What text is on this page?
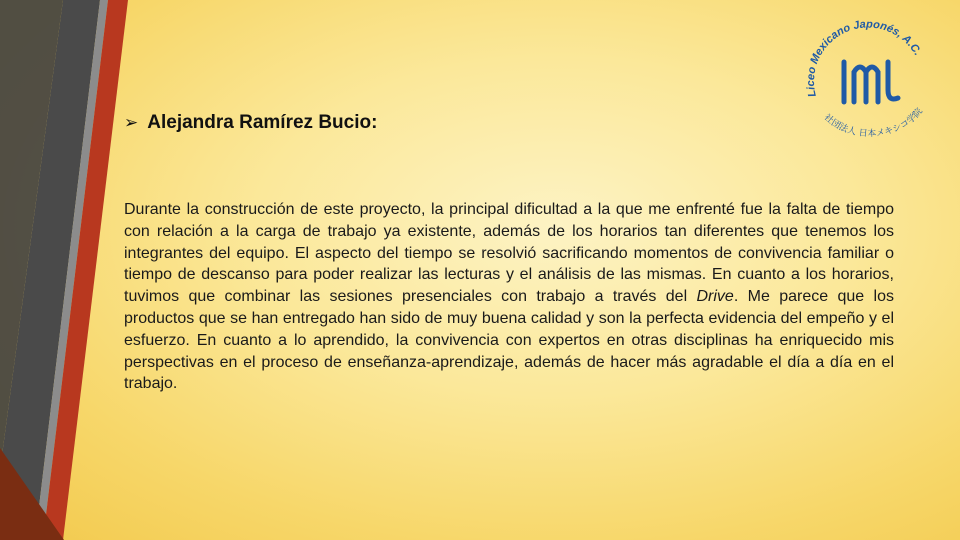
Liceo Mexicano Japonés, A.C.
社団法人 日本メキシコ学院
➢ Alejandra Ramírez Bucio:

Durante la construcción de este proyecto, la principal dificultad a la que me enfrenté fue la falta de tiempo con relación a la carga de trabajo ya existente, además de los horarios tan diferentes que tenemos los integrantes del equipo. El aspecto del tiempo se resolvió sacrificando momentos de convivencia familiar o tiempo de descanso para poder realizar las lecturas y el análisis de las mismas. En cuanto a los horarios, tuvimos que combinar las sesiones presenciales con trabajo a través del Drive. Me parece que los productos que se han entregado han sido de muy buena calidad y son la perfecta evidencia del empeño y el esfuerzo. En cuanto a lo aprendido, la convivencia con expertos en otras disciplinas ha enriquecido mis perspectivas en el proceso de enseñanza-aprendizaje, además de hacer más agradable el día a día en el trabajo.
